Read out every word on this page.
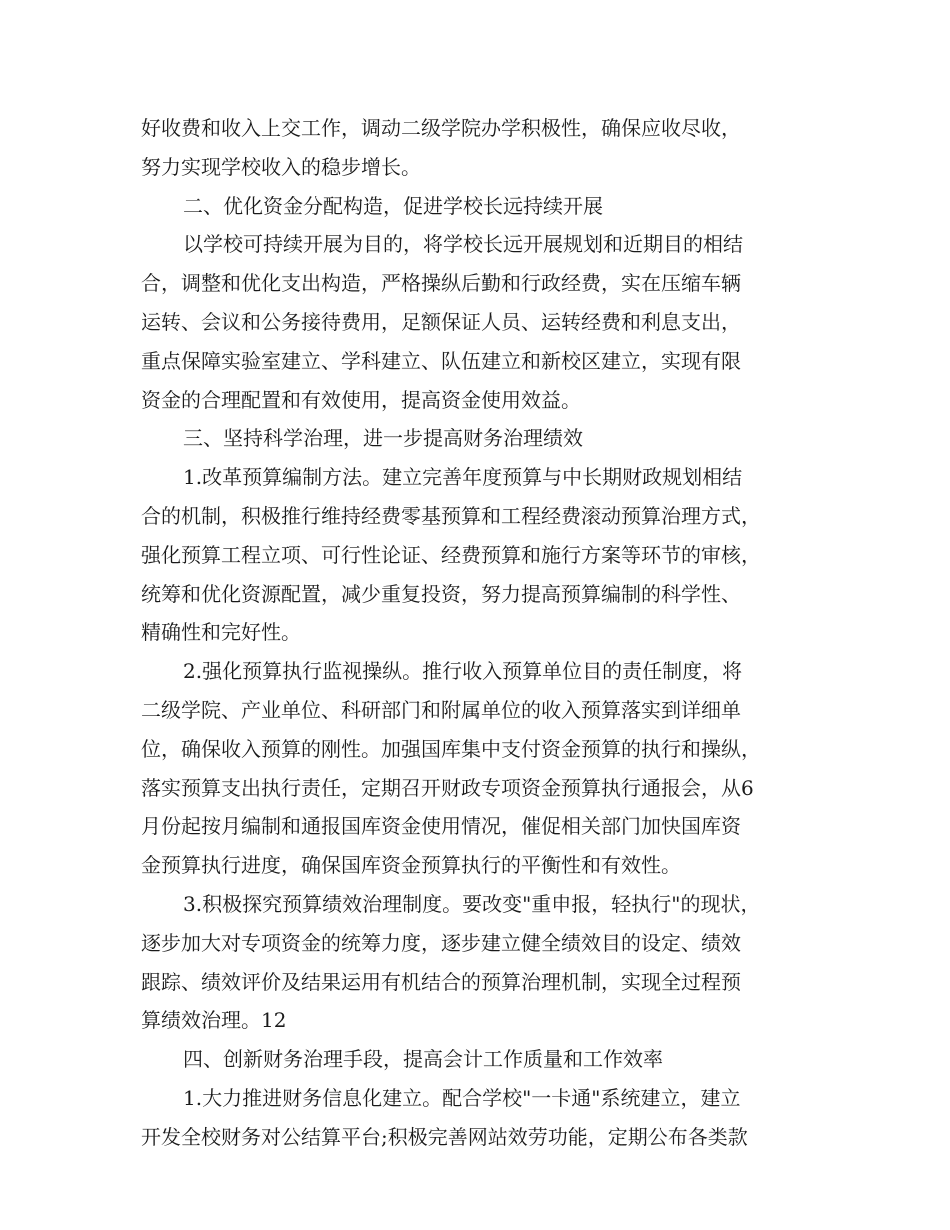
好收费和收入上交工作，调动二级学院办学积极性，确保应收尽收，
努力实现学校收入的稳步增长。
二、优化资金分配构造，促进学校长远持续开展
以学校可持续开展为目的，将学校长远开展规划和近期目的相结
合，调整和优化支出构造，严格操纵后勤和行政经费，实在压缩车辆
运转、会议和公务接待费用，足额保证人员、运转经费和利息支出，
重点保障实验室建立、学科建立、队伍建立和新校区建立，实现有限
资金的合理配置和有效使用，提高资金使用效益。
三、坚持科学治理，进一步提高财务治理绩效
1.改革预算编制方法。建立完善年度预算与中长期财政规划相结
合的机制，积极推行维持经费零基预算和工程经费滚动预算治理方式，
强化预算工程立项、可行性论证、经费预算和施行方案等环节的审核，
统筹和优化资源配置，减少重复投资，努力提高预算编制的科学性、
精确性和完好性。
2.强化预算执行监视操纵。推行收入预算单位目的责任制度，将
二级学院、产业单位、科研部门和附属单位的收入预算落实到详细单
位，确保收入预算的刚性。加强国库集中支付资金预算的执行和操纵，
落实预算支出执行责任，定期召开财政专项资金预算执行通报会，从6
月份起按月编制和通报国库资金使用情况，催促相关部门加快国库资
金预算执行进度，确保国库资金预算执行的平衡性和有效性。
3.积极探究预算绩效治理制度。要改变"重申报，轻执行"的现状，
逐步加大对专项资金的统筹力度，逐步建立健全绩效目的设定、绩效
跟踪、绩效评价及结果运用有机结合的预算治理机制，实现全过程预
算绩效治理。12
四、创新财务治理手段，提高会计工作质量和工作效率
1.大力推进财务信息化建立。配合学校"一卡通"系统建立，建立
开发全校财务对公结算平台;积极完善网站效劳功能，定期公布各类款
